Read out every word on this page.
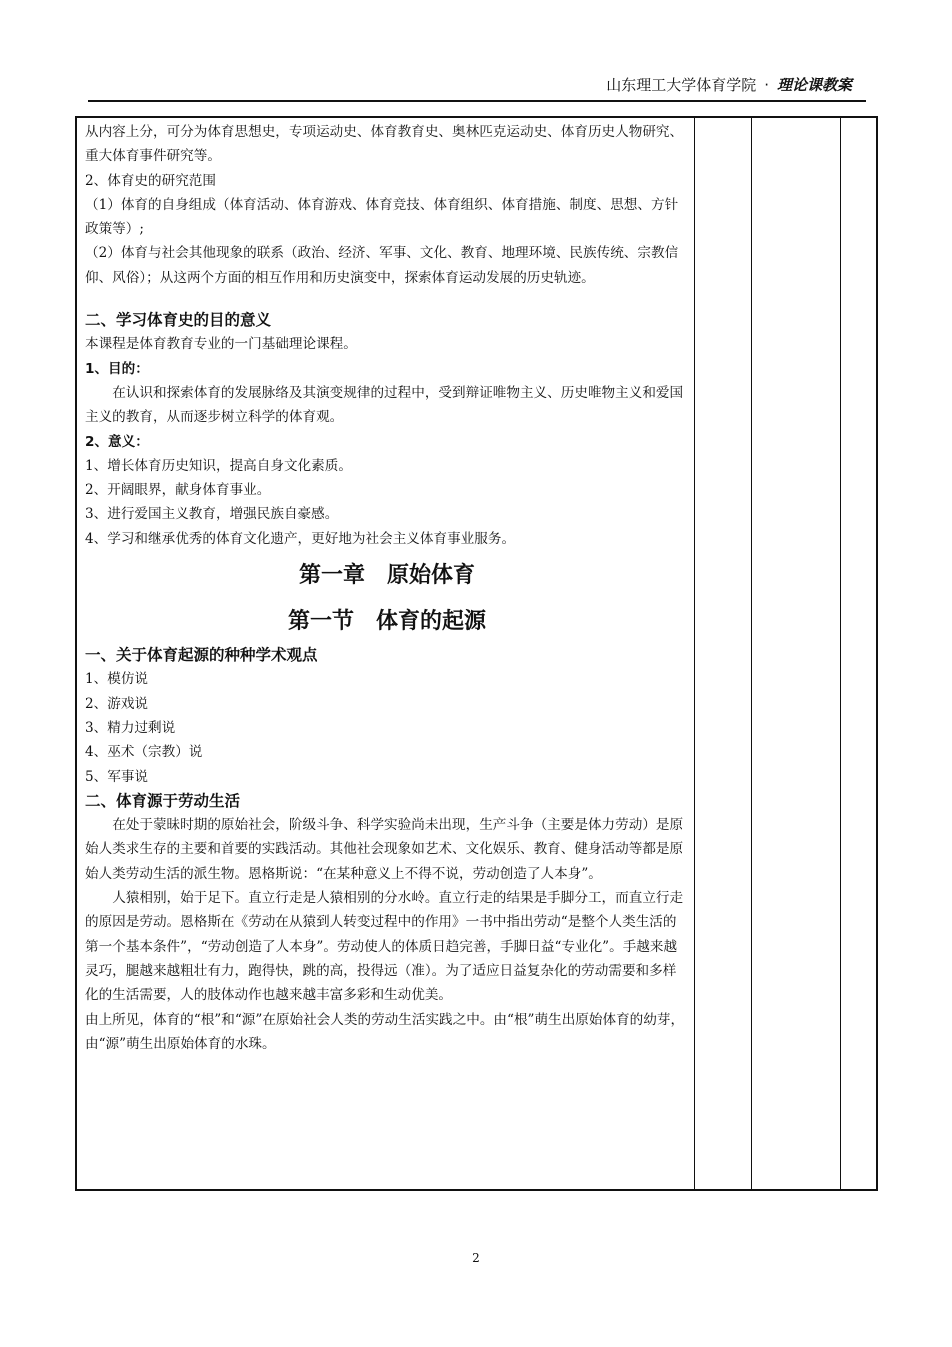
山东理工大学体育学院 · 理论课教案

从内容上分，可分为体育思想史，专项运动史、体育教育史、奥林匹克运动史、体育历史人物研究、重大体育事件研究等。

2、体育史的研究范围

（1）体育的自身组成（体育活动、体育游戏、体育竞技、体育组织、体育措施、制度、思想、方针政策等）;

（2）体育与社会其他现象的联系（政治、经济、军事、文化、教育、地理环境、民族传统、宗教信仰、风俗）；从这两个方面的相互作用和历史演变中，探索体育运动发展的历史轨迹。

二、学习体育史的目的意义

本课程是体育教育专业的一门基础理论课程。

1、目的：

在认识和探索体育的发展脉络及其演变规律的过程中，受到辩证唯物主义、历史唯物主义和爱国主义的教育，从而逐步树立科学的体育观。

2、意义：

1、增长体育历史知识，提高自身文化素质。

2、开阔眼界，献身体育事业。

3、进行爱国主义教育，增强民族自豪感。

4、学习和继承优秀的体育文化遗产，更好地为社会主义体育事业服务。

第一章　原始体育

第一节　体育的起源

一、关于体育起源的种种学术观点

1、模仿说

2、游戏说

3、精力过剩说

4、巫术（宗教）说

5、军事说

二、体育源于劳动生活

在处于蒙昧时期的原始社会，阶级斗争、科学实验尚未出现，生产斗争（主要是体力劳动）是原始人类求生存的主要和首要的实践活动。其他社会现象如艺术、文化娱乐、教育、健身活动等都是原始人类劳动生活的派生物。恩格斯说：“在某种意义上不得不说，劳动创造了人本身”。

人猿相别，始于足下。直立行走是人猿相别的分水岭。直立行走的结果是手脚分工，而直立行走的原因是劳动。恩格斯在《劳动在从猿到人转变过程中的作用》一书中指出劳动“是整个人类生活的第一个基本条件”，“劳动创造了人本身”。劳动使人的体质日趋完善，手脚日益“专业化”。手越来越灵巧，腿越来越粗壮有力，跑得快，跳的高，投得远（准）。为了适应日益复杂化的劳动需要和多样化的生活需要，人的肢体动作也越来越丰富多彩和生动优美。

由上所见，体育的“根”和“源”在原始社会人类的劳动生活实践之中。由“根”萌生出原始体育的幼芽，由“源”萌生出原始体育的水珠。

2
